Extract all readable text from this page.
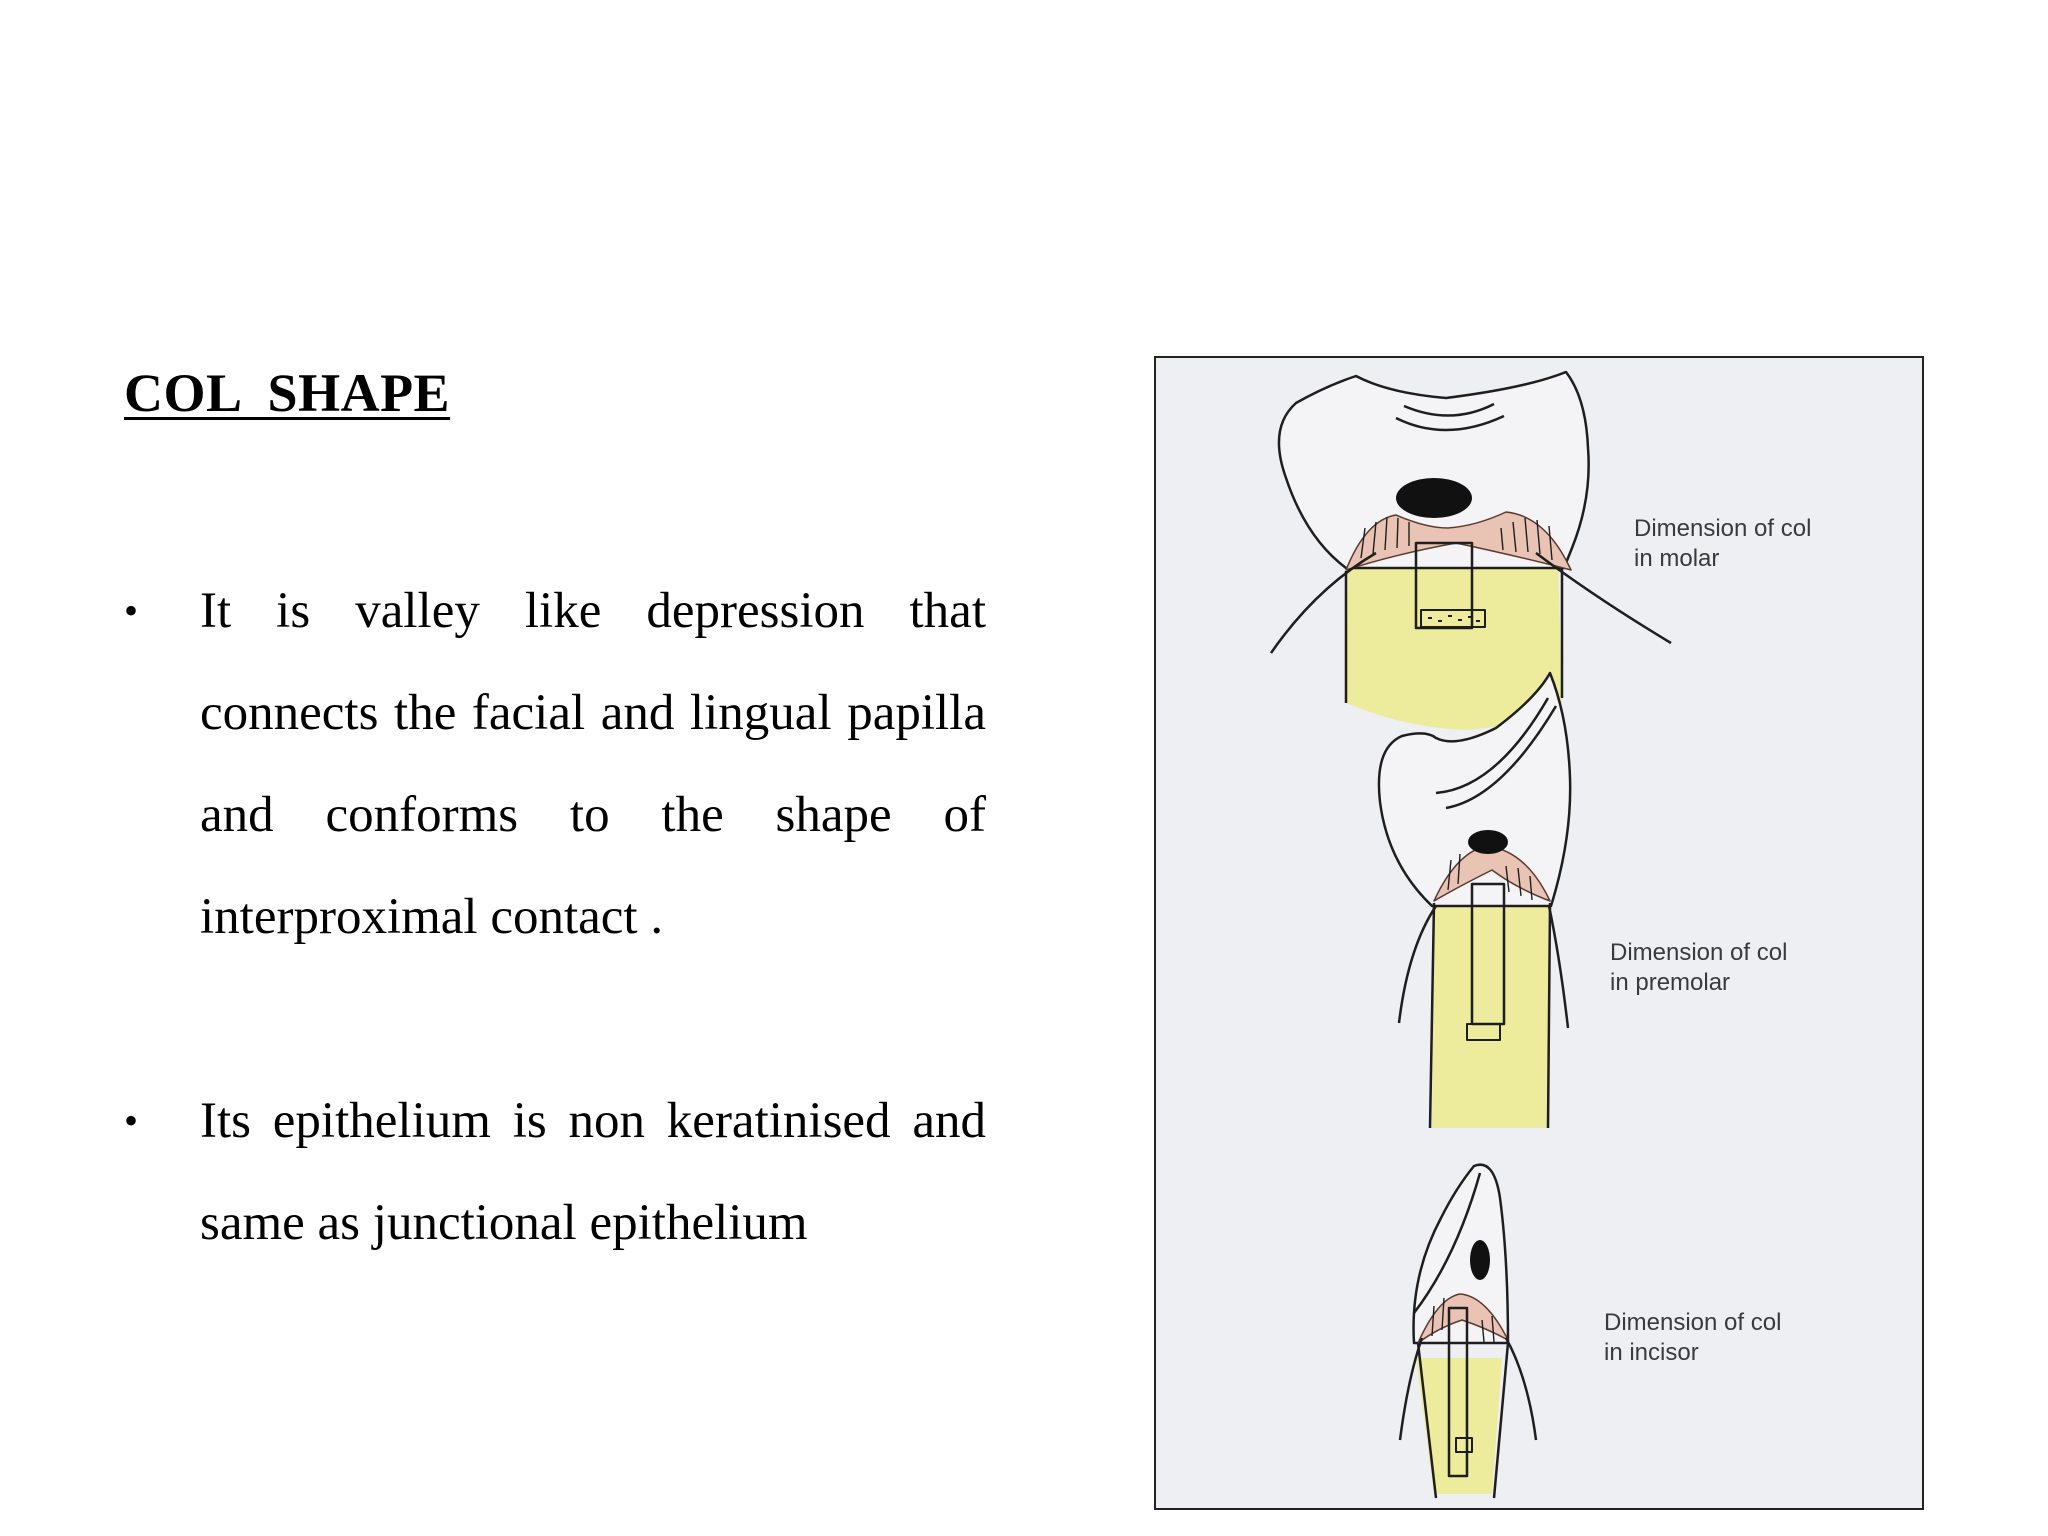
COL  SHAPE
• It is valley like depression that connects the facial and lingual papilla and conforms to the shape of interproximal contact .
• Its epithelium is non keratinised and same as junctional epithelium
Dimension of col
in molar
Dimension of col
in premolar
Dimension of col
in incisor
